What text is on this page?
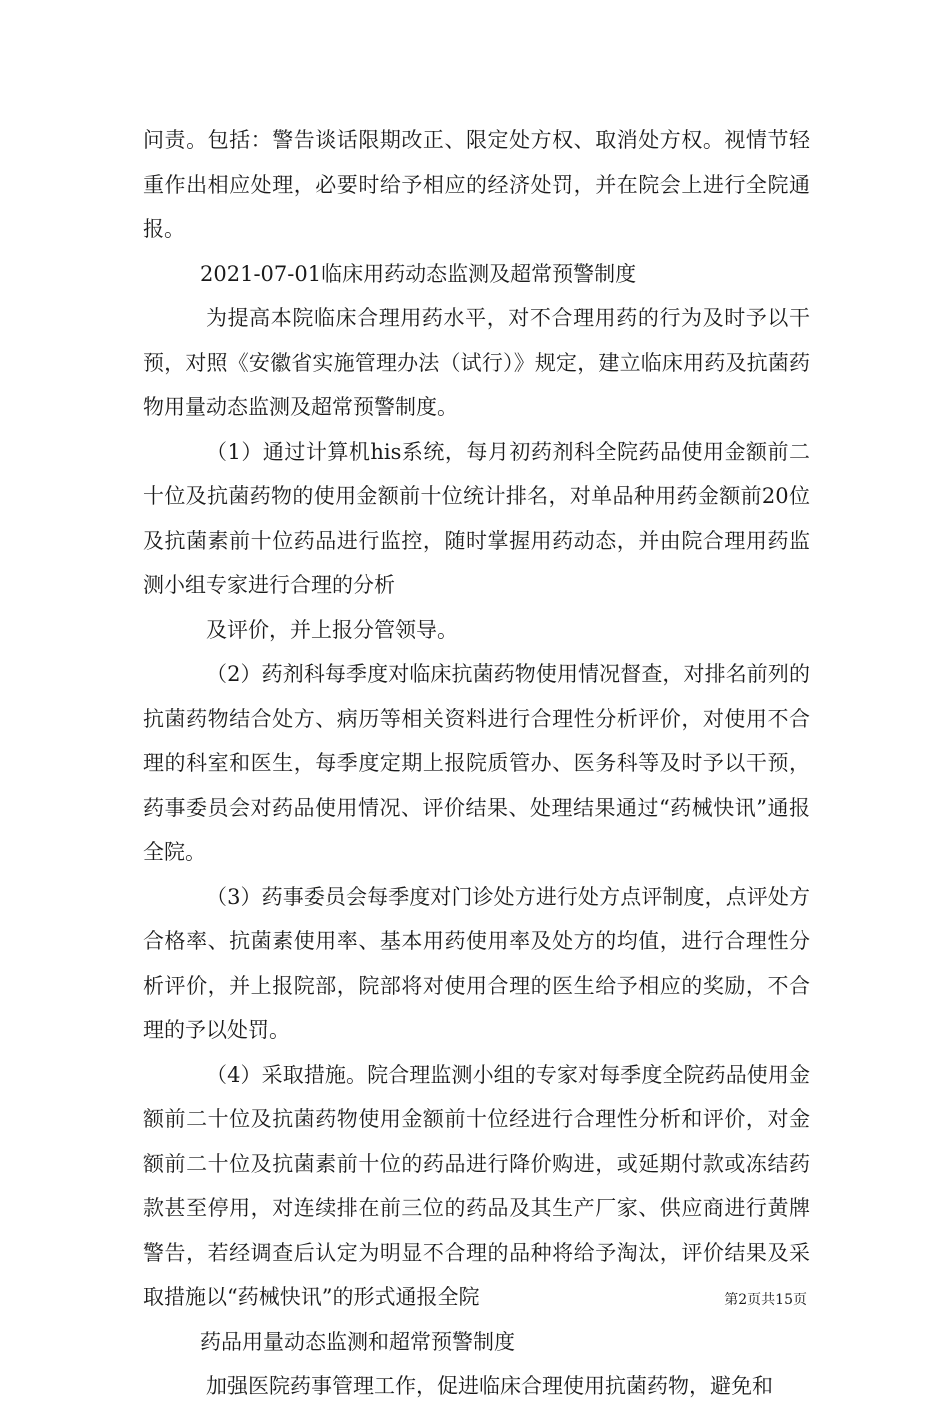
问责。包括：警告谈话限期改正、限定处方权、取消处方权。视情节轻重作出相应处理，必要时给予相应的经济处罚，并在院会上进行全院通报。

2021-07-01临床用药动态监测及超常预警制度

为提高本院临床合理用药水平，对不合理用药的行为及时予以干预，对照《安徽省实施管理办法（试行）》规定，建立临床用药及抗菌药物用量动态监测及超常预警制度。

（1）通过计算机his系统，每月初药剂科全院药品使用金额前二十位及抗菌药物的使用金额前十位统计排名，对单品种用药金额前20位及抗菌素前十位药品进行监控，随时掌握用药动态，并由院合理用药监测小组专家进行合理的分析

及评价，并上报分管领导。

（2）药剂科每季度对临床抗菌药物使用情况督查，对排名前列的抗菌药物结合处方、病历等相关资料进行合理性分析评价，对使用不合理的科室和医生，每季度定期上报院质管办、医务科等及时予以干预，药事委员会对药品使用情况、评价结果、处理结果通过“药械快讯”通报全院。

（3）药事委员会每季度对门诊处方进行处方点评制度，点评处方合格率、抗菌素使用率、基本用药使用率及处方的均值，进行合理性分析评价，并上报院部，院部将对使用合理的医生给予相应的奖励，不合理的予以处罚。

（4）采取措施。院合理监测小组的专家对每季度全院药品使用金额前二十位及抗菌药物使用金额前十位经进行合理性分析和评价，对金额前二十位及抗菌素前十位的药品进行降价购进，或延期付款或冻结药款甚至停用，对连续排在前三位的药品及其生产厂家、供应商进行黄牌警告，若经调查后认定为明显不合理的品种将给予淘汰，评价结果及采取措施以“药械快讯”的形式通报全院

药品用量动态监测和超常预警制度

加强医院药事管理工作，促进临床合理使用抗菌药物，避免和

第2页共15页
